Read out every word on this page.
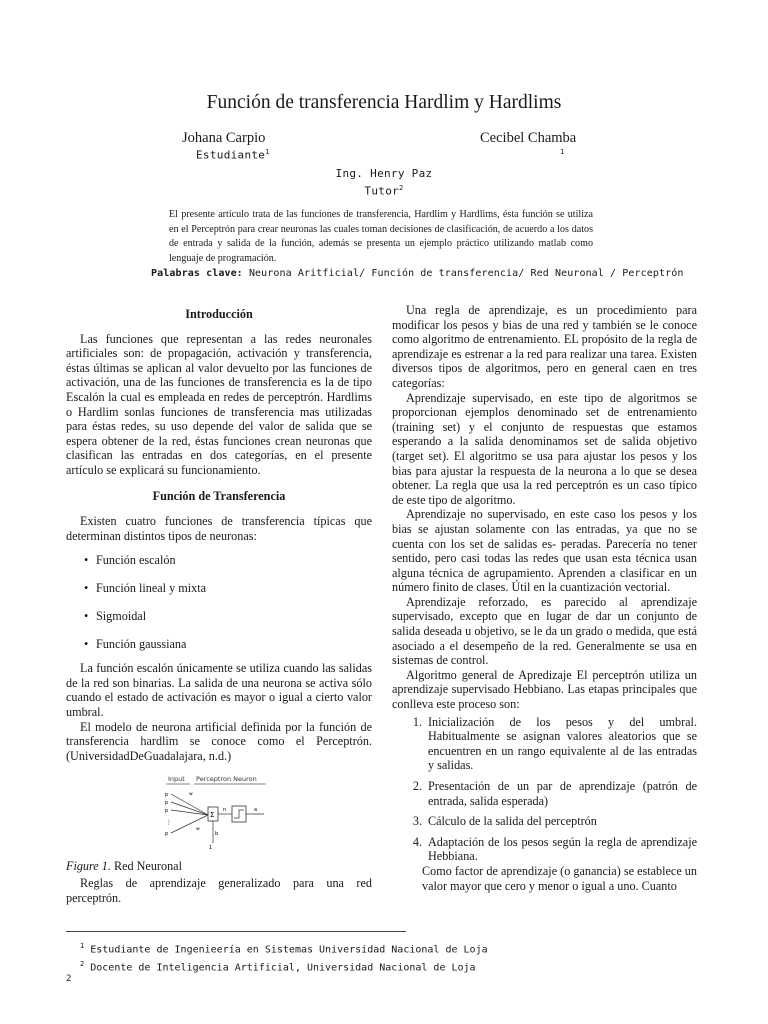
Función de transferencia Hardlim y Hardlims
Johana Carpio	Cecibel Chamba
Estudiante$^1$	$^1$
Ing. Henry Paz
Tutor$^2$
El presente artículo trata de las funciones de transferencia, Hardlim y Hardlims, ésta función se utiliza en el Perceptrón para crear neuronas las cuales toman decisiones de clasificación, de acuerdo a los datos de entrada y salida de la función, además se presenta un ejemplo práctico utilizando matlab como lenguaje de programación.
Palabras clave: Neurona Aritficial/ Función de transferencia/ Red Neuronal / Perceptrón
Introducción

Las funciones que representan a las redes neuronales artificiales son: de propagación, activación y transferencia, éstas últimas se aplican al valor devuelto por las funciones de activación, una de las funciones de transferencia es la de tipo Escalón la cual es empleada en redes de perceptrón. Hardlims o Hardlim sonlas funciones de transferencia mas utilizadas para éstas redes, su uso depende del valor de salida que se espera obtener de la red, éstas funciones crean neuronas que clasifican las entradas en dos categorías, en el presente artículo se explicará su funcionamiento.

Función de Transferencia

Existen cuatro funciones de transferencia típicas que determinan distintos tipos de neuronas:

• Función escalón
• Función lineal y mixta
• Sigmoidal
• Función gaussiana

La función escalón únicamente se utiliza cuando las salidas de la red son binarias. La salida de una neurona se activa sólo cuando el estado de activación es mayor o igual a cierto valor umbral.

El modelo de neurona artificial definida por la función de transferencia hardlim se conoce como el Perceptrón.(UniversidadDeGuadalajara, n.d.)

Input Perceptron Neuron
p
p
p
p
⋮
w
w
Σ
b
1
n	a
Figure 1. Red Neuronal

Reglas de aprendizaje generalizado para una red perceptrón.

Una regla de aprendizaje, es un procedimiento para modificar los pesos y bias de una red y también se le conoce como algoritmo de entrenamiento. EL propósito de la regla de aprendizaje es estrenar a la red para realizar una tarea. Existen diversos tipos de algoritmos, pero en general caen en tres categorías:

Aprendizaje supervisado, en este tipo de algoritmos se proporcionan ejemplos denominado set de entrenamiento (training set) y el conjunto de respuestas que estamos esperando a la salida denominamos set de salida objetivo (target set). El algoritmo se usa para ajustar los pesos y los bias para ajustar la respuesta de la neurona a lo que se desea obtener. La regla que usa la red perceptrón es un caso típico de este tipo de algoritmo.

Aprendizaje no supervisado, en este caso los pesos y los bias se ajustan solamente con las entradas, ya que no se cuenta con los set de salidas es- peradas. Parecería no tener sentido, pero casi todas las redes que usan esta técnica usan alguna técnica de agrupamiento. Aprenden a clasificar en un número finito de clases. Útil en la cuantización vectorial.

Aprendizaje reforzado, es parecido al aprendizaje supervisado, excepto que en lugar de dar un conjunto de salida deseada u objetivo, se le da un grado o medida, que está asociado a el desempeño de la red. Generalmente se usa en sistemas de control.

Algoritmo general de Apredizaje El perceptrón utiliza un aprendizaje supervisado Hebbiano. Las etapas principales que conlleva este proceso son:

1. Inicialización de los pesos y del umbral. Habitualmente se asignan valores aleatorios que se encuentren en un rango equivalente al de las entradas y salidas.
2. Presentación de un par de aprendizaje (patrón de entrada, salida esperada)
3. Cálculo de la salida del perceptrón
4. Adaptación de los pesos según la regla de aprendizaje Hebbiana.

Como factor de aprendizaje (o ganancia) se establece un valor mayor que cero y menor o igual a uno. Cuanto

$^1$ Estudiante de Ingenieería en Sistemas Universidad Nacional de Loja
$^2$ Docente de Inteligencia Artificial, Universidad Nacional de Loja
2
